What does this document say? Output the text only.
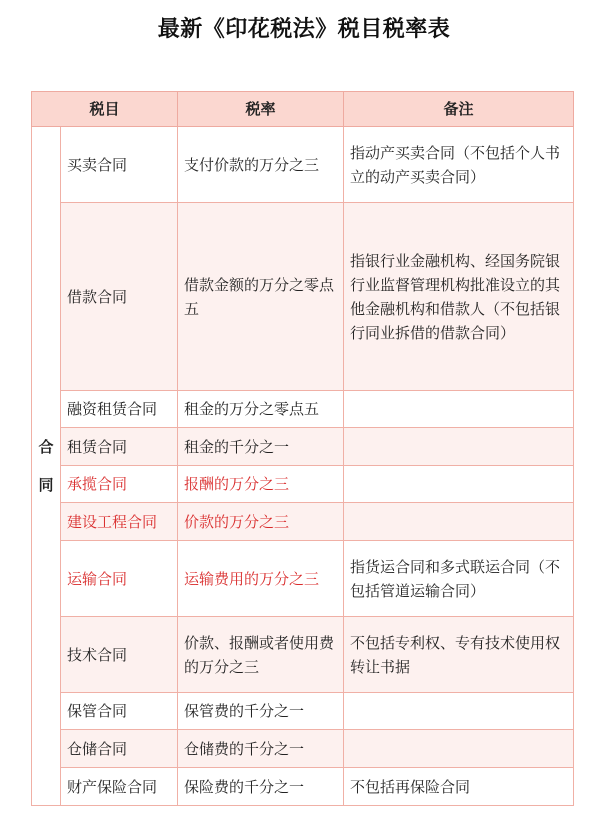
最新《印花税法》税目税率表
税目		税率	备注
合同	买卖合同	支付价款的万分之三	指动产买卖合同（不包括个人书立的动产买卖合同）
	借款合同	借款金额的万分之零点五	指银行业金融机构、经国务院银行业监督管理机构批准设立的其他金融机构和借款人（不包括银行同业拆借的借款合同）
	融资租赁合同	租金的万分之零点五	
	租赁合同	租金的千分之一	
	承揽合同	报酬的万分之三	
	建设工程合同	价款的万分之三	
	运输合同	运输费用的万分之三	指货运合同和多式联运合同（不包括管道运输合同）
	技术合同	价款、报酬或者使用费的万分之三	不包括专利权、专有技术使用权转让书据
	保管合同	保管费的千分之一	
	仓储合同	仓储费的千分之一	
	财产保险合同	保险费的千分之一	不包括再保险合同
